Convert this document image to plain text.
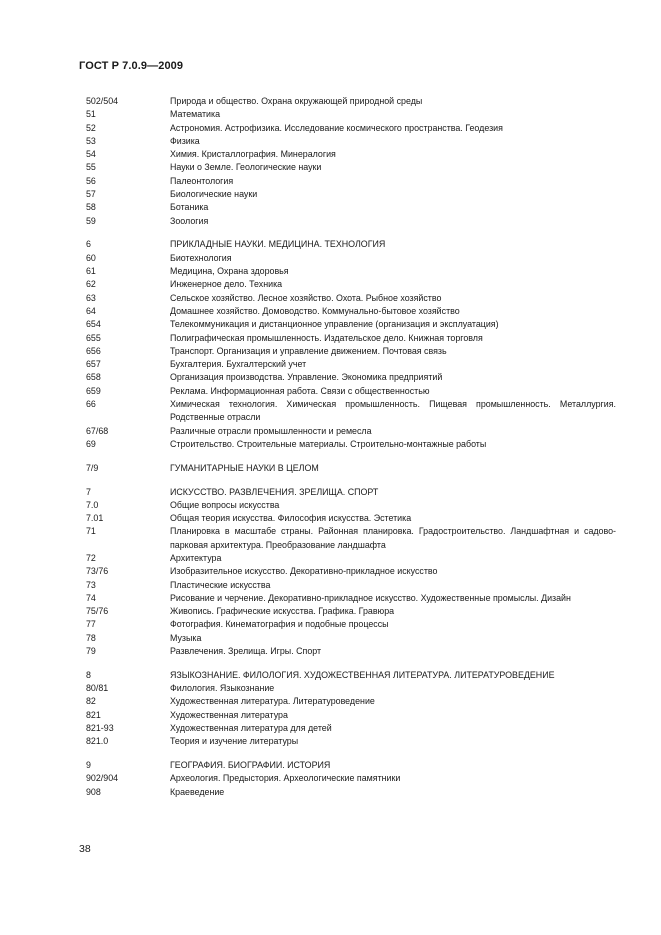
ГОСТ Р 7.0.9—2009
502/504	Природа и общество. Охрана окружающей природной среды
51	Математика
52	Астрономия. Астрофизика. Исследование космического пространства. Геодезия
53	Физика
54	Химия. Кристаллография. Минералогия
55	Науки о Земле. Геологические науки
56	Палеонтология
57	Биологические науки
58	Ботаника
59	Зоология
6	ПРИКЛАДНЫЕ НАУКИ. МЕДИЦИНА. ТЕХНОЛОГИЯ
60	Биотехнология
61	Медицина, Охрана здоровья
62	Инженерное дело. Техника
63	Сельское хозяйство. Лесное хозяйство. Охота. Рыбное хозяйство
64	Домашнее хозяйство. Домоводство. Коммунально-бытовое хозяйство
654	Телекоммуникация и дистанционное управление (организация и эксплуатация)
655	Полиграфическая промышленность. Издательское дело. Книжная торговля
656	Транспорт. Организация и управление движением. Почтовая связь
657	Бухгалтерия. Бухгалтерский учет
658	Организация производства. Управление. Экономика предприятий
659	Реклама. Информационная работа. Связи с общественностью
66	Химическая технология. Химическая промышленность. Пищевая промышленность. Металлургия. Родственные отрасли
67/68	Различные отрасли промышленности и ремесла
69	Строительство. Строительные материалы. Строительно-монтажные работы
7/9	ГУМАНИТАРНЫЕ НАУКИ В ЦЕЛОМ
7	ИСКУССТВО. РАЗВЛЕЧЕНИЯ. ЗРЕЛИЩА. СПОРТ
7.0	Общие вопросы искусства
7.01	Общая теория искусства. Философия искусства. Эстетика
71	Планировка в масштабе страны. Районная планировка. Градостроительство. Ландшафтная и садово-парковая архитектура. Преобразование ландшафта
72	Архитектура
73/76	Изобразительное искусство. Декоративно-прикладное искусство
73	Пластические искусства
74	Рисование и черчение. Декоративно-прикладное искусство. Художественные промыслы. Дизайн
75/76	Живопись. Графические искусства. Графика. Гравюра
77	Фотография. Кинематография и подобные процессы
78	Музыка
79	Развлечения. Зрелища. Игры. Спорт
8	ЯЗЫКОЗНАНИЕ. ФИЛОЛОГИЯ. ХУДОЖЕСТВЕННАЯ ЛИТЕРАТУРА. ЛИТЕРАТУРОВЕДЕНИЕ
80/81	Филология. Языкознание
82	Художественная литература. Литературоведение
821	Художественная литература
821-93	Художественная литература для детей
821.0	Теория и изучение литературы
9	ГЕОГРАФИЯ. БИОГРАФИИ. ИСТОРИЯ
902/904	Археология. Предыстория. Археологические памятники
908	Краеведение
38
